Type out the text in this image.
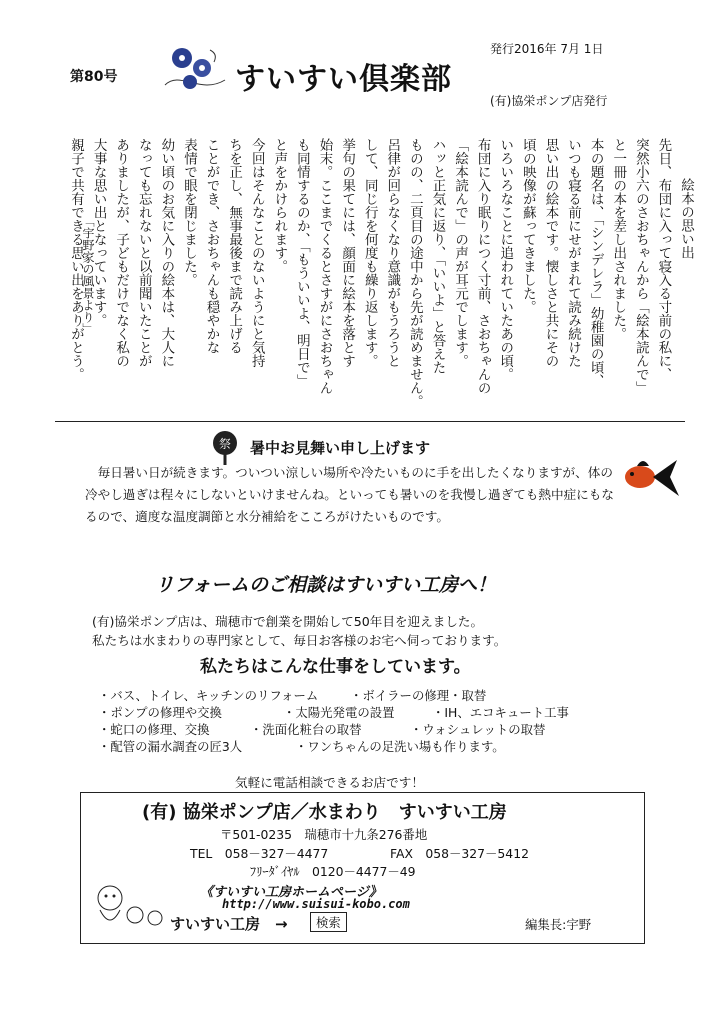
第80号	すいすい倶楽部
発行2016年 7月 1日
(有)協栄ポンプ店発行
「宇野家の風景より」	絵本の思い出

先日、布団に入って寝入る寸前の私に、

突然小六のさおちゃんから「絵本読んで」

と一冊の本を差し出されました。

本の題名は、「シンデレラ」幼稚園の頃、

いつも寝る前にせがまれて読み続けた

思い出の絵本です。懐しさと共にその

頃の映像が蘇ってきました。

いろいろなことに追われていたあの頃。

布団に入り眠りにつく寸前、さおちゃんの

「絵本読んで」の声が耳元でします。

ハッと正気に返り、「いいよ」と答えた

ものの、二頁目の途中から先が読めません。

呂律が回らなくなり意識がもうろうと

して、同じ行を何度も繰り返します。

挙句の果てには、顔面に絵本を落とす

始末。ここまでくるとさすがにさおちゃん

も同情するのか、「もういいよ、明日で」

と声をかけられます。

今回はそんなことのないようにと気持

ちを正し、無事最後まで読み上げる

ことができ、さおちゃんも穏やかな

表情で眼を閉じました。

幼い頃のお気に入りの絵本は、大人に

なっても忘れないと以前聞いたことが

ありましたが、子どもだけでなく私の

大事な思い出となっています。

親子で共有できる思い出をありがとう。

祭 暑中お見舞い申し上げます
毎日暑い日が続きます。ついつい涼しい場所や冷たいものに手を出したくなりますが、体の冷やし過ぎは程々にしないといけませんね。といっても暑いのを我慢し過ぎても熱中症にもなるので、適度な温度調節と水分補給をこころがけたいものです。
リフォームのご相談はすいすい工房へ！
(有)協栄ポンプ店は、瑞穂市で創業を開始して50年目を迎えました。
私たちは水まわりの専門家として、毎日お客様のお宅へ伺っております。
私たちはこんな仕事をしています。
・バス、トイレ、キッチンのリフォーム	・ボイラーの修理・取替
・ポンプの修理や交換	・太陽光発電の設置	・IH、エコキュート工事
・蛇口の修理、交換	・洗面化粧台の取替	・ウォシュレットの取替
・配管の漏水調査の匠3人	・ワンちゃんの足洗い場も作ります。
気軽に電話相談できるお店です！
(有) 協栄ポンプ店／水まわり　すいすい工房
〒501-0235　瑞穂市十九条276番地
TEL　058－327－4477	FAX　058－327－5412
ﾌﾘｰﾀﾞｲﾔﾙ　0120－4477－49
《すいすい工房ホームページ》
http://www.suisui-kobo.com
すいすい工房　→	検索	編集長:宇野
